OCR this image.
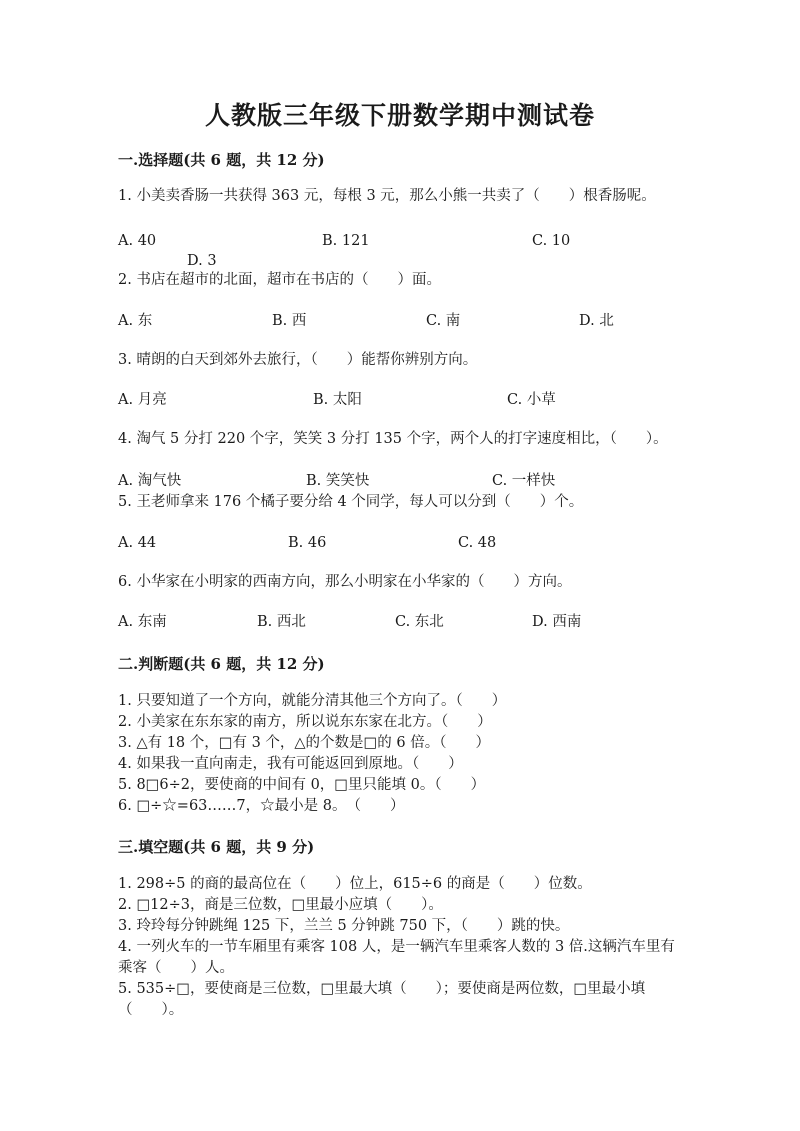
人教版三年级下册数学期中测试卷

一.选择题(共 6 题，共 12 分)

1. 小美卖香肠一共获得 363 元，每根 3 元，那么小熊一共卖了（　　）根香肠呢。

A. 40	B. 121	C. 10
D. 3

2. 书店在超市的北面，超市在书店的（　　）面。

A. 东	B. 西	C. 南	D. 北

3. 晴朗的白天到郊外去旅行，（　　）能帮你辨别方向。

A. 月亮	B. 太阳	C. 小草

4. 淘气 5 分打 220 个字，笑笑 3 分打 135 个字，两个人的打字速度相比，（　　）。

A. 淘气快	B. 笑笑快	C. 一样快

5. 王老师拿来 176 个橘子要分给 4 个同学，每人可以分到（　　）个。

A. 44	B. 46	C. 48

6. 小华家在小明家的西南方向，那么小明家在小华家的（　　）方向。

A. 东南	B. 西北	C. 东北	D. 西南

二.判断题(共 6 题，共 12 分)

1. 只要知道了一个方向，就能分清其他三个方向了。（　　）

2. 小美家在东东家的南方，所以说东东家在北方。（　　）

3. △有 18 个，□有 3 个，△的个数是□的 6 倍。（　　）

4. 如果我一直向南走，我有可能返回到原地。（　　）

5. 8□6÷2，要使商的中间有 0，□里只能填 0。（　　）

6. □÷☆=63……7，☆最小是 8。　（　　）

三.填空题(共 6 题，共 9 分)

1. 298÷5 的商的最高位在（　　）位上，615÷6 的商是（　　）位数。

2. □12÷3，商是三位数，□里最小应填（　　）。

3. 玲玲每分钟跳绳 125 下，兰兰 5 分钟跳 750 下，（　　）跳的快。

4. 一列火车的一节车厢里有乘客 108 人，是一辆汽车里乘客人数的 3 倍.这辆汽车里有乘客（　　）人。

5. 535÷□，要使商是三位数，□里最大填（　　）；要使商是两位数，□里最小填（　　）。
